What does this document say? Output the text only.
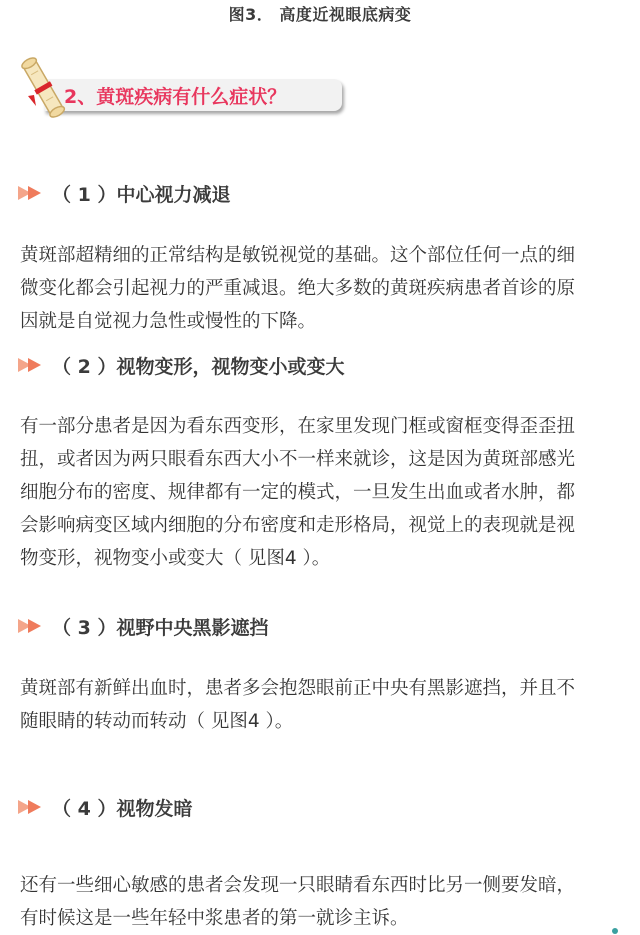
图3． 高度近视眼底病变
2、黄斑疾病有什么症状？
（ 1 ）中心视力减退
黄斑部超精细的正常结构是敏锐视觉的基础。这个部位任何一点的细
微变化都会引起视力的严重减退。绝大多数的黄斑疾病患者首诊的原
因就是自觉视力急性或慢性的下降。
（ 2 ）视物变形，视物变小或变大
有一部分患者是因为看东西变形，在家里发现门框或窗框变得歪歪扭
扭，或者因为两只眼看东西大小不一样来就诊，这是因为黄斑部感光
细胞分布的密度、规律都有一定的模式，一旦发生出血或者水肿，都
会影响病变区域内细胞的分布密度和走形格局，视觉上的表现就是视
物变形，视物变小或变大（ 见图4 ）。
（ 3 ）视野中央黑影遮挡
黄斑部有新鲜出血时，患者多会抱怨眼前正中央有黑影遮挡，并且不
随眼睛的转动而转动（ 见图4 ）。
（ 4 ）视物发暗
还有一些细心敏感的患者会发现一只眼睛看东西时比另一侧要发暗，
有时候这是一些年轻中浆患者的第一就诊主诉。
